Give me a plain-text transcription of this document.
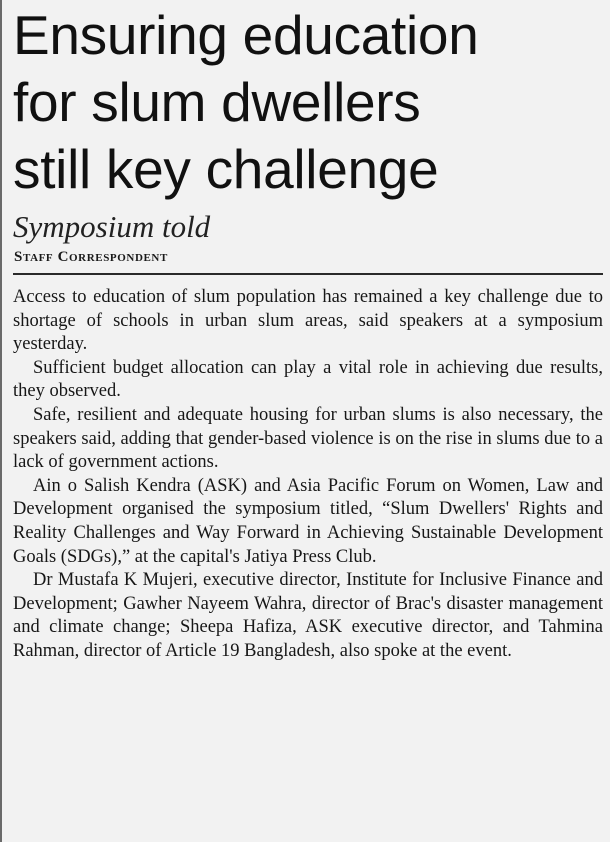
Ensuring education
for slum dwellers
still key challenge
Symposium told
Staff Correspondent

Access to education of slum population has remained a key challenge due to shortage of schools in urban slum areas, said speakers at a symposium yesterday.

Sufficient budget allocation can play a vital role in achieving due results, they observed.

Safe, resilient and adequate housing for urban slums is also necessary, the speakers said, adding that gender-based violence is on the rise in slums due to a lack of government actions.

Ain o Salish Kendra (ASK) and Asia Pacific Forum on Women, Law and Development organised the symposium titled, “Slum Dwellers' Rights and Reality Challenges and Way Forward in Achieving Sustainable Development Goals (SDGs),” at the capital's Jatiya Press Club.

Dr Mustafa K Mujeri, executive director, Institute for Inclusive Finance and Development; Gawher Nayeem Wahra, director of Brac's disaster management and climate change; Sheepa Hafiza, ASK executive director, and Tahmina Rahman, director of Article 19 Bangladesh, also spoke at the event.
